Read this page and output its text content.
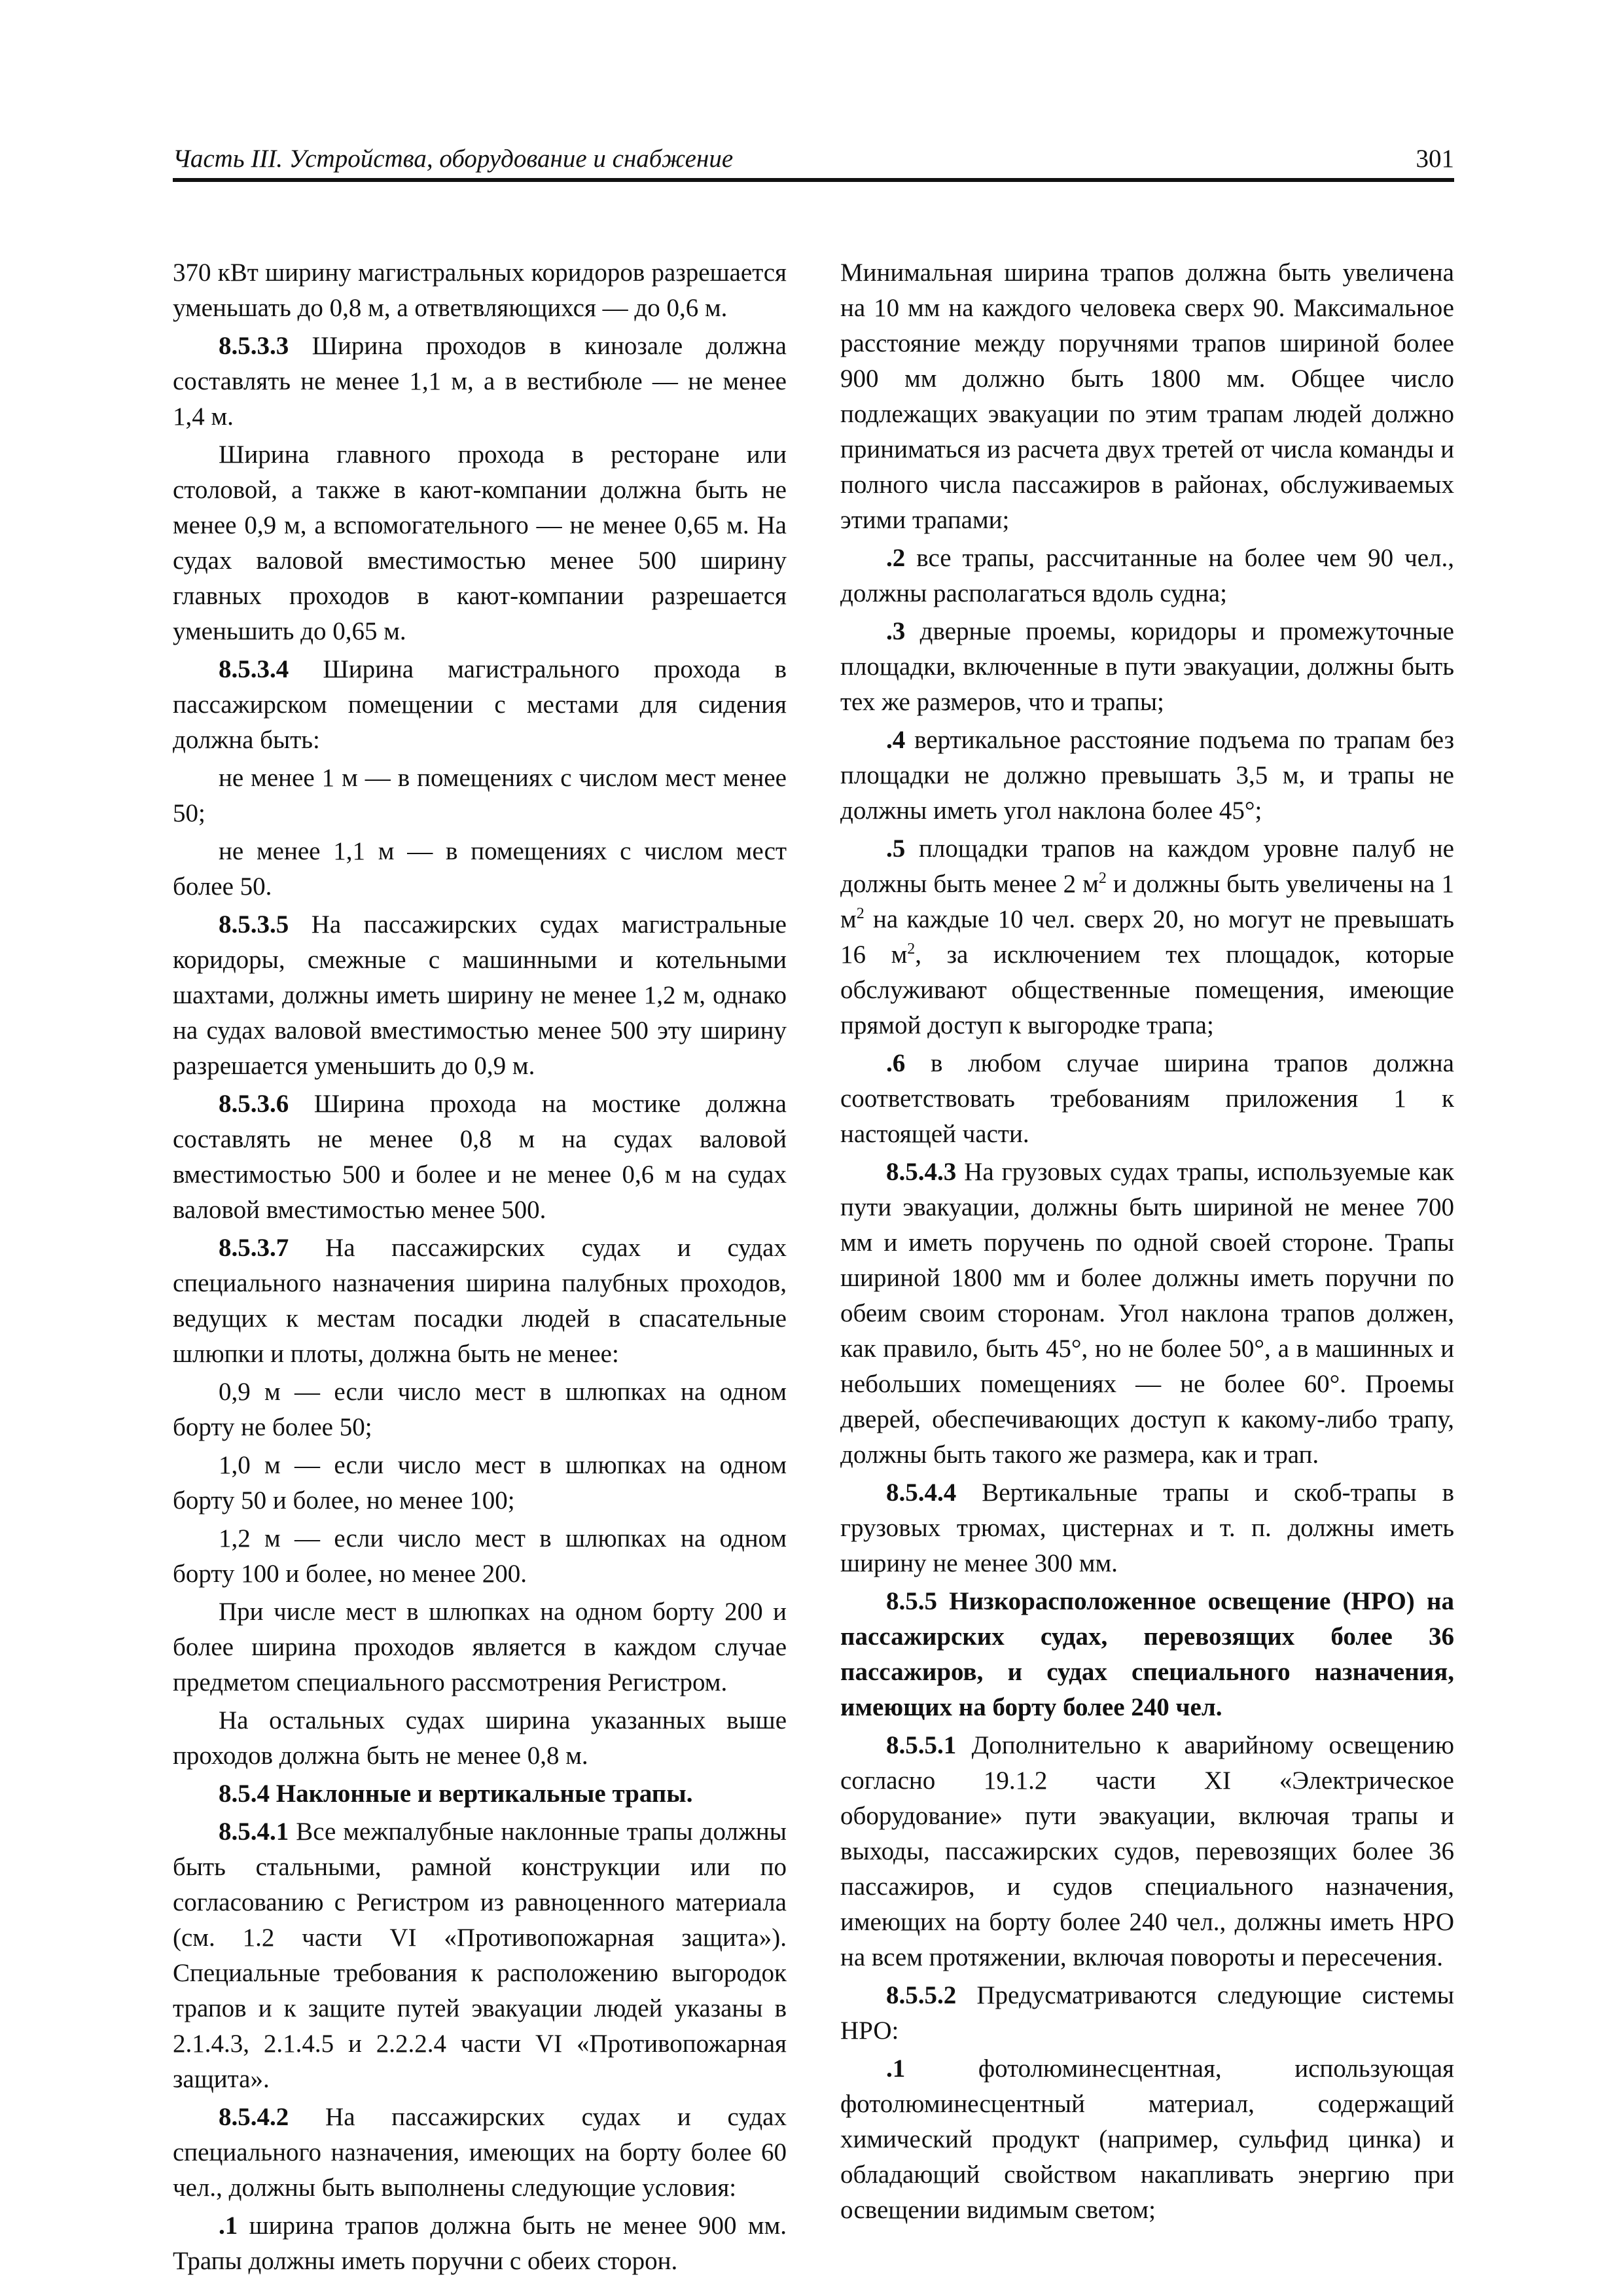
Часть III. Устройства, оборудование и снабжение	301

370 кВт ширину магистральных коридоров разрешается уменьшать до 0,8 м, а ответвляющихся — до 0,6 м.

8.5.3.3 Ширина проходов в кинозале должна составлять не менее 1,1 м, а в вестибюле — не менее 1,4 м.

Ширина главного прохода в ресторане или столовой, а также в кают-компании должна быть не менее 0,9 м, а вспомогательного — не менее 0,65 м. На судах валовой вместимостью менее 500 ширину главных проходов в кают-компании разрешается уменьшить до 0,65 м.

8.5.3.4 Ширина магистрального прохода в пассажирском помещении с местами для сидения должна быть:

не менее 1 м — в помещениях с числом мест менее 50;

не менее 1,1 м — в помещениях с числом мест более 50.

8.5.3.5 На пассажирских судах магистральные коридоры, смежные с машинными и котельными шахтами, должны иметь ширину не менее 1,2 м, однако на судах валовой вместимостью менее 500 эту ширину разрешается уменьшить до 0,9 м.

8.5.3.6 Ширина прохода на мостике должна составлять не менее 0,8 м на судах валовой вместимостью 500 и более и не менее 0,6 м на судах валовой вместимостью менее 500.

8.5.3.7 На пассажирских судах и судах специального назначения ширина палубных проходов, ведущих к местам посадки людей в спасательные шлюпки и плоты, должна быть не менее:

0,9 м — если число мест в шлюпках на одном борту не более 50;

1,0 м — если число мест в шлюпках на одном борту 50 и более, но менее 100;

1,2 м — если число мест в шлюпках на одном борту 100 и более, но менее 200.

При числе мест в шлюпках на одном борту 200 и более ширина проходов является в каждом случае предметом специального рассмотрения Регистром.

На остальных судах ширина указанных выше проходов должна быть не менее 0,8 м.

8.5.4 Наклонные и вертикальные трапы.

8.5.4.1 Все межпалубные наклонные трапы должны быть стальными, рамной конструкции или по согласованию с Регистром из равноценного материала (см. 1.2 части VI «Противопожарная защита»). Специальные требования к расположению выгородок трапов и к защите путей эвакуации людей указаны в 2.1.4.3, 2.1.4.5 и 2.2.2.4 части VI «Противопожарная защита».

8.5.4.2 На пассажирских судах и судах специального назначения, имеющих на борту более 60 чел., должны быть выполнены следующие условия:

.1 ширина трапов должна быть не менее 900 мм. Трапы должны иметь поручни с обеих сторон.

Минимальная ширина трапов должна быть увеличена на 10 мм на каждого человека сверх 90. Максимальное расстояние между поручнями трапов шириной более 900 мм должно быть 1800 мм. Общее число подлежащих эвакуации по этим трапам людей должно приниматься из расчета двух третей от числа команды и полного числа пассажиров в районах, обслуживаемых этими трапами;

.2 все трапы, рассчитанные на более чем 90 чел., должны располагаться вдоль судна;

.3 дверные проемы, коридоры и промежуточные площадки, включенные в пути эвакуации, должны быть тех же размеров, что и трапы;

.4 вертикальное расстояние подъема по трапам без площадки не должно превышать 3,5 м, и трапы не должны иметь угол наклона более 45°;

.5 площадки трапов на каждом уровне палуб не должны быть менее 2 $м^2$ и должны быть увеличены на 1 $м^2$ на каждые 10 чел. сверх 20, но могут не превышать 16 $м^2$, за исключением тех площадок, которые обслуживают общественные помещения, имеющие прямой доступ к выгородке трапа;

.6 в любом случае ширина трапов должна соответствовать требованиям приложения 1 к настоящей части.

8.5.4.3 На грузовых судах трапы, используемые как пути эвакуации, должны быть шириной не менее 700 мм и иметь поручень по одной своей стороне. Трапы шириной 1800 мм и более должны иметь поручни по обеим своим сторонам. Угол наклона трапов должен, как правило, быть 45°, но не более 50°, а в машинных и небольших помещениях — не более 60°. Проемы дверей, обеспечивающих доступ к какому-либо трапу, должны быть такого же размера, как и трап.

8.5.4.4 Вертикальные трапы и скоб-трапы в грузовых трюмах, цистернах и т. п. должны иметь ширину не менее 300 мм.

8.5.5 Низкорасположенное освещение (НРО) на пассажирских судах, перевозящих более 36 пассажиров, и судах специального назначения, имеющих на борту более 240 чел.

8.5.5.1 Дополнительно к аварийному освещению согласно 19.1.2 части XI «Электрическое оборудование» пути эвакуации, включая трапы и выходы, пассажирских судов, перевозящих более 36 пассажиров, и судов специального назначения, имеющих на борту более 240 чел., должны иметь НРО на всем протяжении, включая повороты и пересечения.

8.5.5.2 Предусматриваются следующие системы НРО:

.1 фотолюминесцентная, использующая фотолюминесцентный материал, содержащий химический продукт (например, сульфид цинка) и обладающий свойством накапливать энергию при освещении видимым светом;
